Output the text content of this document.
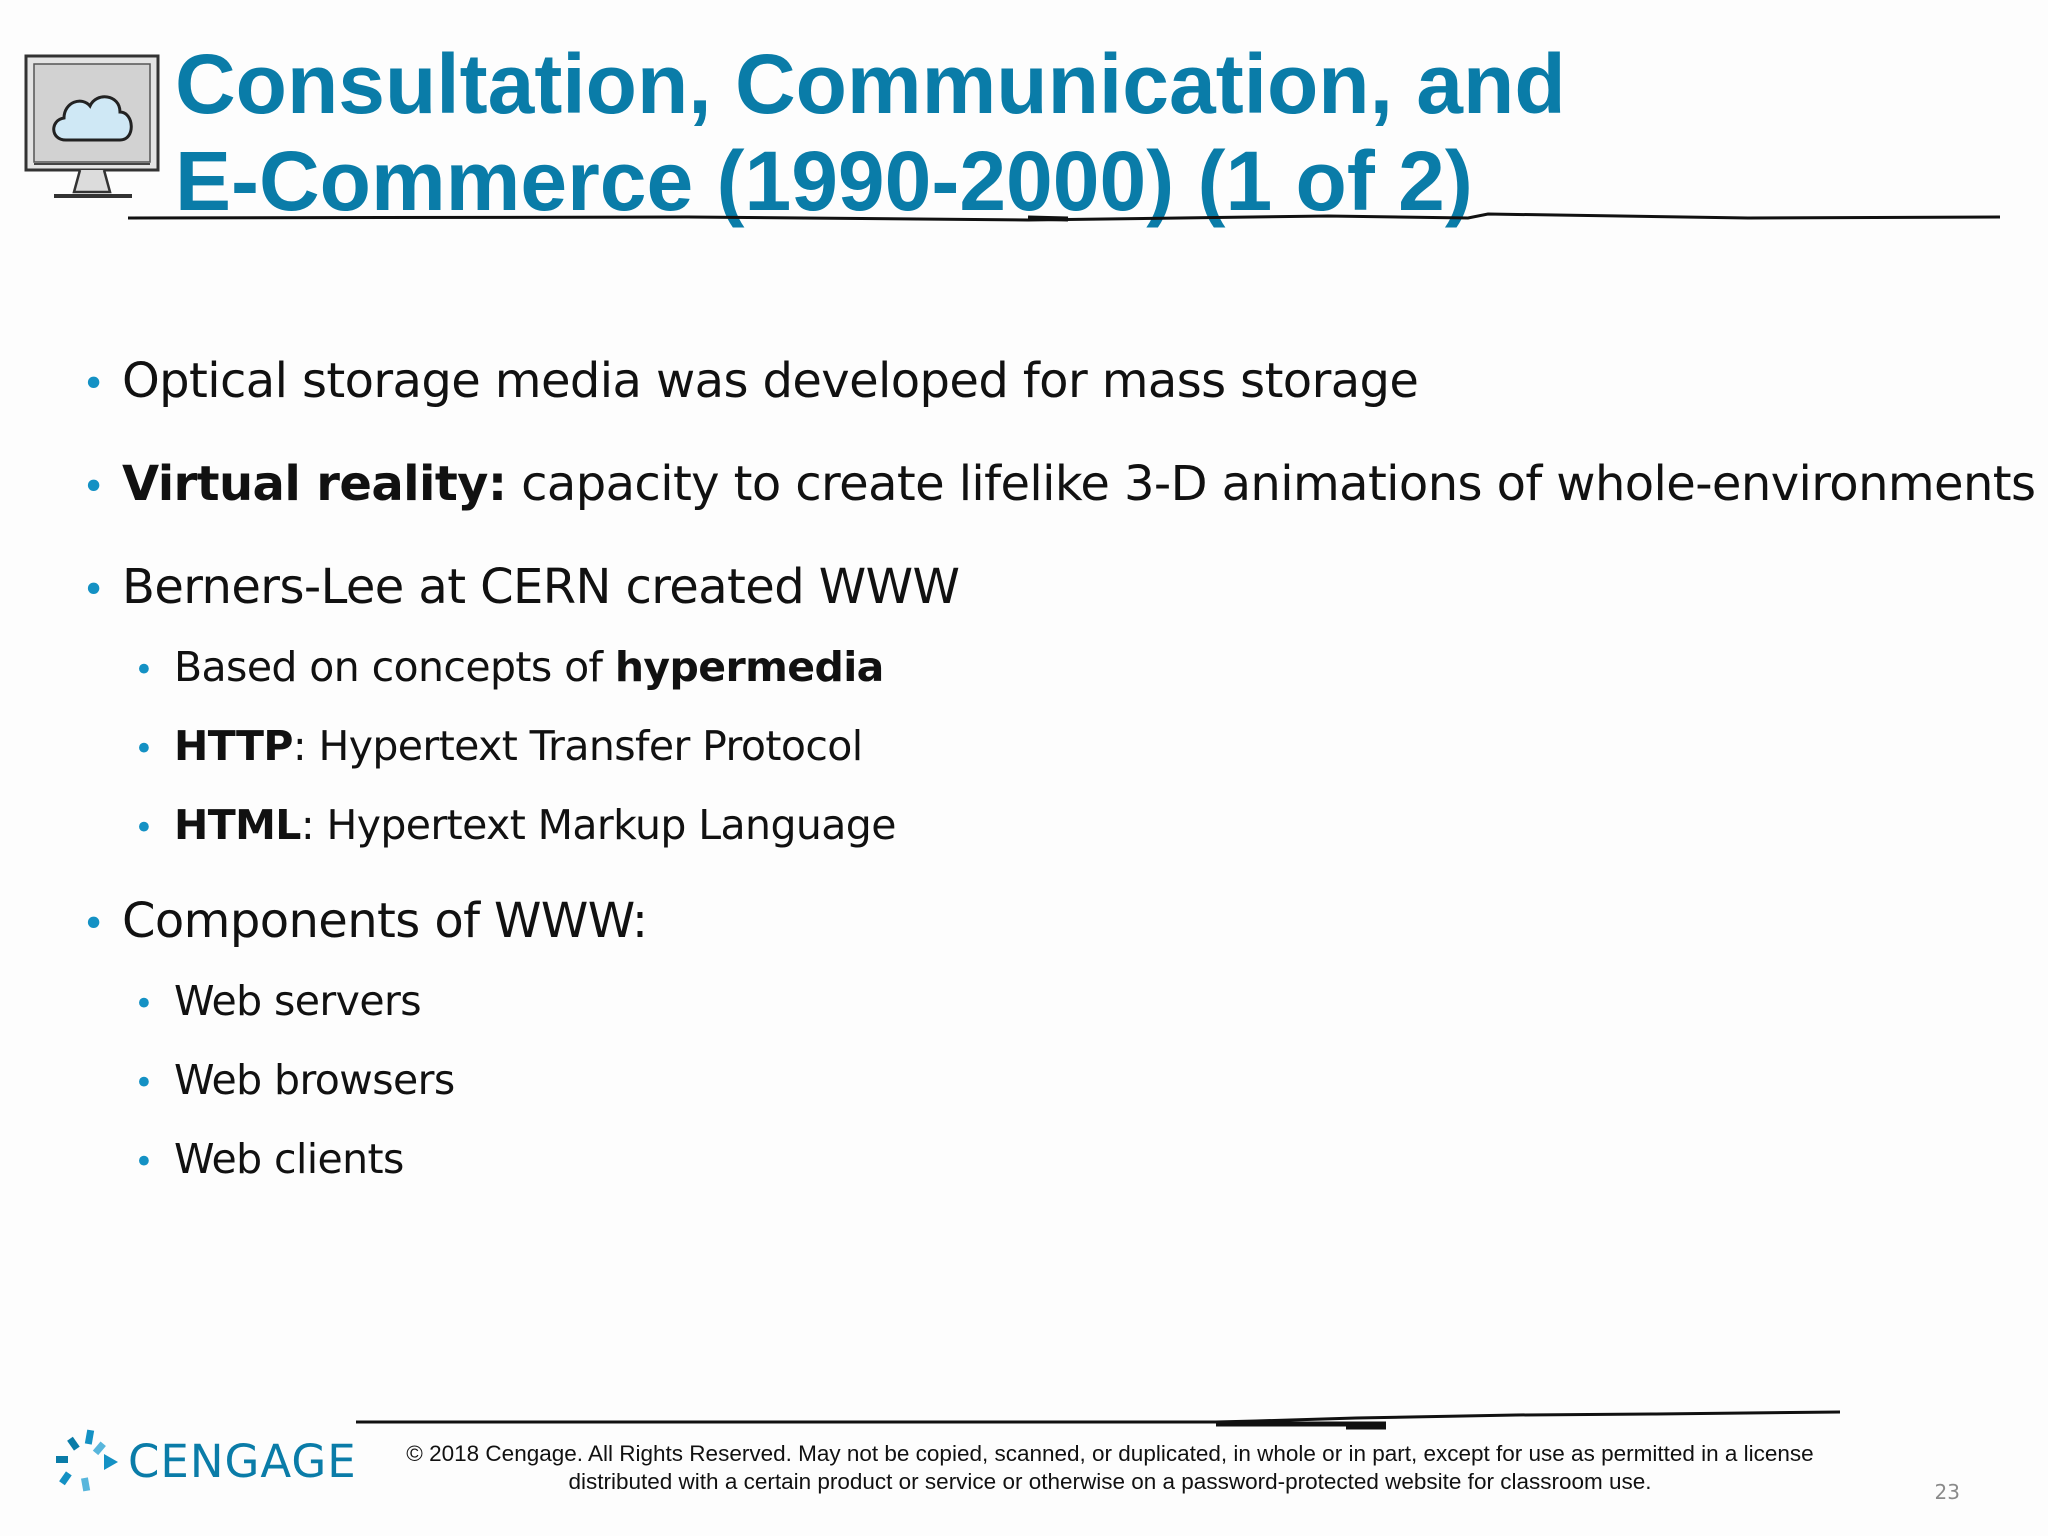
Consultation, Communication, and
E-Commerce (1990-2000) (1 of 2)
• Optical storage media was developed for mass storage
• Virtual reality: capacity to create lifelike 3-D animations of whole-environments
• Berners-Lee at CERN created WWW
• Based on concepts of hypermedia
• HTTP: Hypertext Transfer Protocol
• HTML: Hypertext Markup Language
• Components of WWW:
• Web servers
• Web browsers
• Web clients
CENGAGE	© 2018 Cengage. All Rights Reserved. May not be copied, scanned, or duplicated, in whole or in part, except for use as permitted in a license
distributed with a certain product or service or otherwise on a password-protected website for classroom use.	23
